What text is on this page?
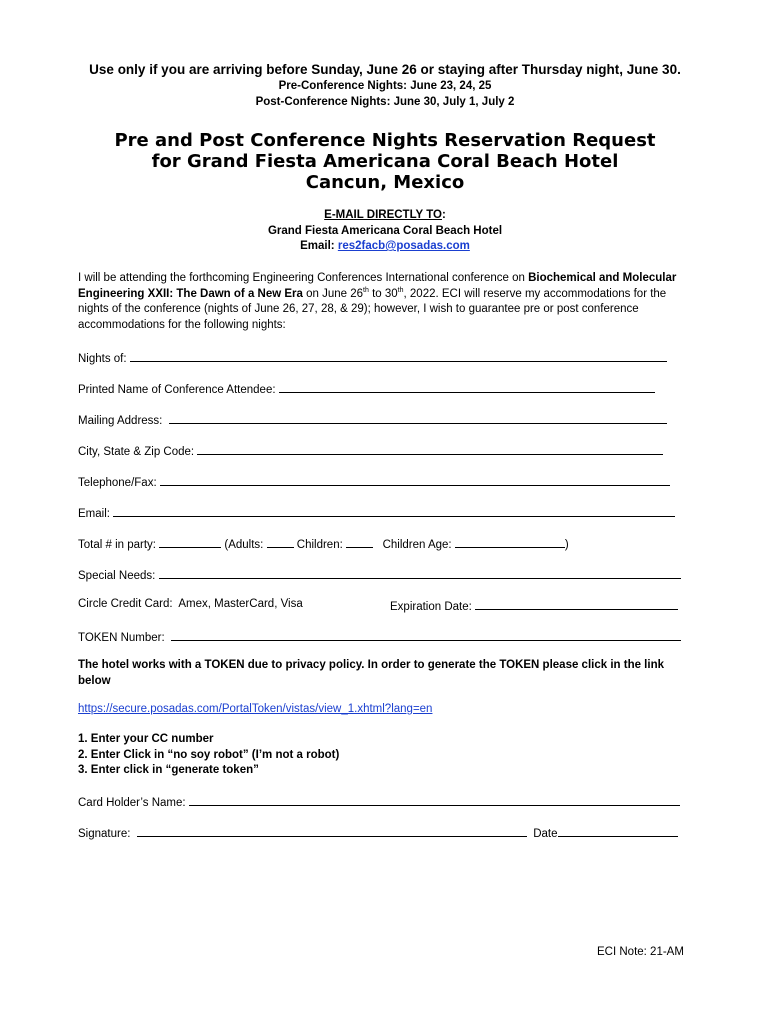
Use only if you are arriving before Sunday, June 26 or staying after Thursday night, June 30.
Pre-Conference Nights: June 23, 24, 25
Post-Conference Nights: June 30, July 1, July 2
Pre and Post Conference Nights Reservation Request
for Grand Fiesta Americana Coral Beach Hotel
Cancun, Mexico
E-MAIL DIRECTLY TO:
Grand Fiesta Americana Coral Beach Hotel
Email: res2facb@posadas.com
I will be attending the forthcoming Engineering Conferences International conference on Biochemical and Molecular Engineering XXII: The Dawn of a New Era on June 26th to 30th, 2022. ECI will reserve my accommodations for the nights of the conference (nights of June 26, 27, 28, & 29); however, I wish to guarantee pre or post conference accommodations for the following nights:
Nights of:
Printed Name of Conference Attendee:
Mailing Address:
City, State & Zip Code:
Telephone/Fax:
Email:
Total # in party:	(Adults:  Children:    Children Age:	)
Special Needs:
Circle Credit Card:  Amex, MasterCard, Visa	Expiration Date:
TOKEN Number:
The hotel works with a TOKEN due to privacy policy. In order to generate the TOKEN please click in the link below
https://secure.posadas.com/PortalToken/vistas/view_1.xhtml?lang=en
1. Enter your CC number
2. Enter Click in “no soy robot” (I’m not a robot)
3. Enter click in “generate token”
Card Holder’s Name:
Signature:	Date
ECI Note: 21-AM
